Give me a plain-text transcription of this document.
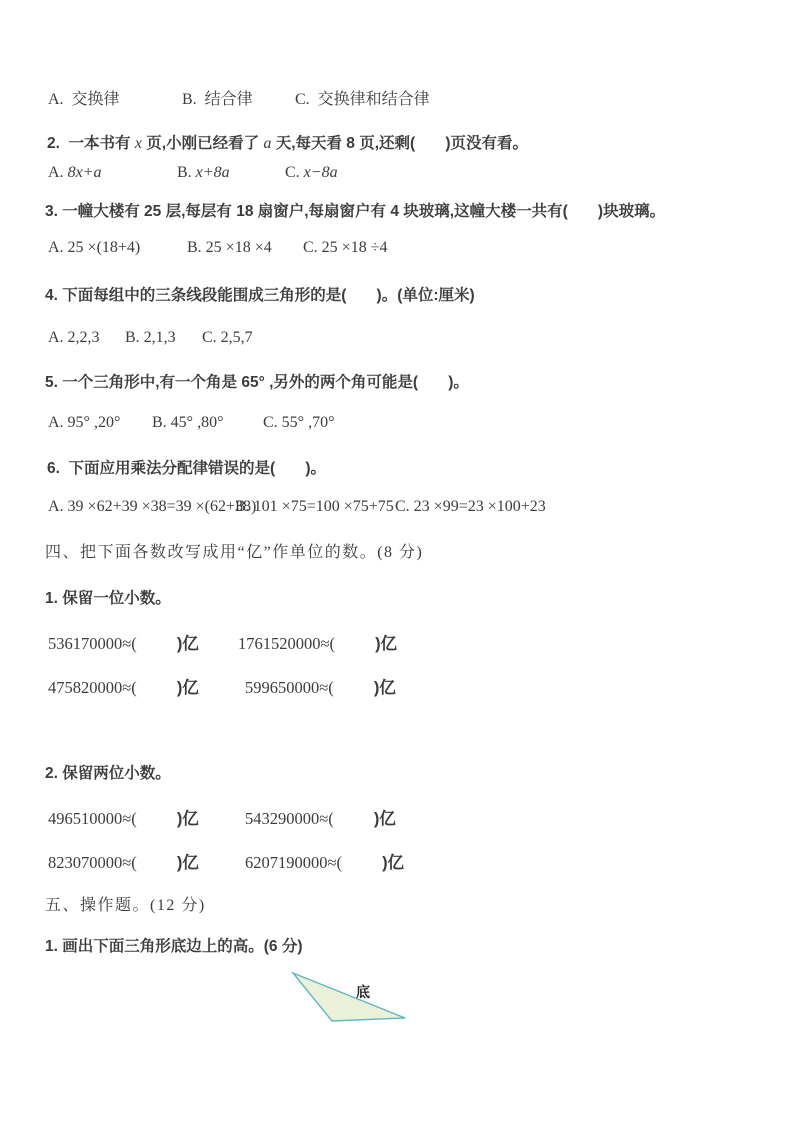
A.  交换律	B.  结合律	C.  交换律和结合律
2.  一本书有 x 页,小刚已经看了 a 天,每天看 8 页,还剩(       )页没有看。
A. 8x+a	B. x+8a	C. x−8a
3. 一幢大楼有 25 层,每层有 18 扇窗户,每扇窗户有 4 块玻璃,这幢大楼一共有(       )块玻璃。
A. 25 ×(18+4)	B. 25 ×18 ×4 C. 25 ×18 ÷4
4. 下面每组中的三条线段能围成三角形的是(       )。(单位:厘米)
A. 2,2,3 B. 2,1,3 C. 2,5,7
5. 一个三角形中,有一个角是 65° ,另外的两个角可能是(       )。
A. 95° ,20° B. 45° ,80° C. 55° ,70°
6.  下面应用乘法分配律错误的是(       )。
A. 39 ×62+39 ×38=39 ×(62+38)
B. 101 ×75=100 ×75+75 C. 23 ×99=23 ×100+23
四、把下面各数改写成用“亿”作单位的数。(8 分)
1. 保留一位小数。
536170000≈( )亿 1761520000≈( )亿
475820000≈( )亿	599650000≈( )亿
2. 保留两位小数。
496510000≈( )亿	543290000≈( )亿
823070000≈( )亿	6207190000≈( )亿
五、操作题。(12 分)
1. 画出下面三角形底边上的高。(6 分)
底
